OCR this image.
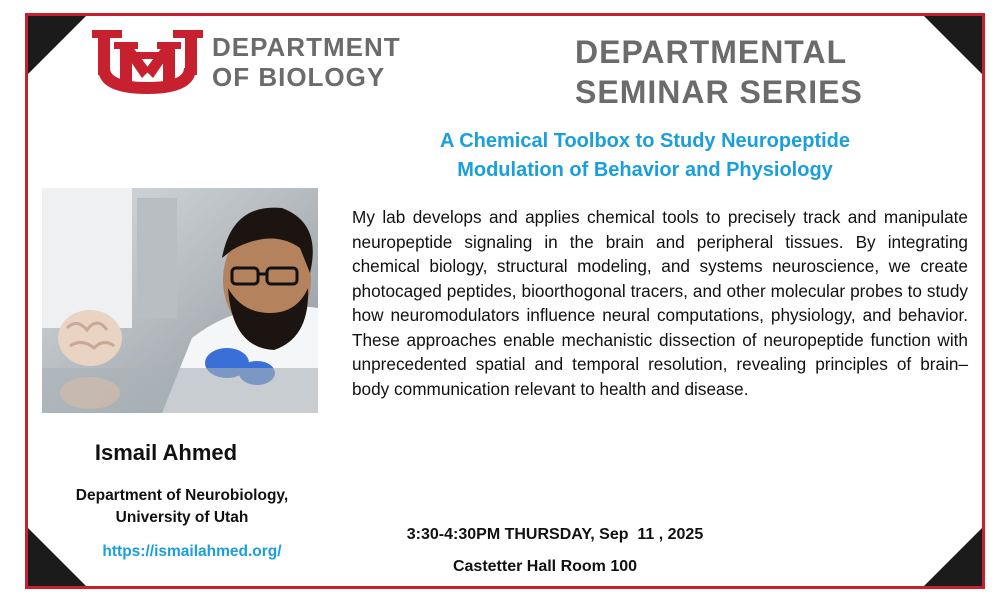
DEPARTMENT
OF BIOLOGY
DEPARTMENTAL
SEMINAR SERIES
A Chemical Toolbox to Study Neuropeptide
Modulation of Behavior and Physiology
My lab develops and applies chemical tools to precisely track and manipulate neuropeptide signaling in the brain and peripheral tissues. By integrating chemical biology, structural modeling, and systems neuroscience, we create photocaged peptides, bioorthogonal tracers, and other molecular probes to study how neuromodulators influence neural computations, physiology, and behavior. These approaches enable mechanistic dissection of neuropeptide function with unprecedented spatial and temporal resolution, revealing principles of brain–body communication relevant to health and disease.
Ismail Ahmed
Department of Neurobiology,
University of Utah
https://ismailahmed.org/
3:30-4:30PM THURSDAY, Sep  11 , 2025
Castetter Hall Room 100
